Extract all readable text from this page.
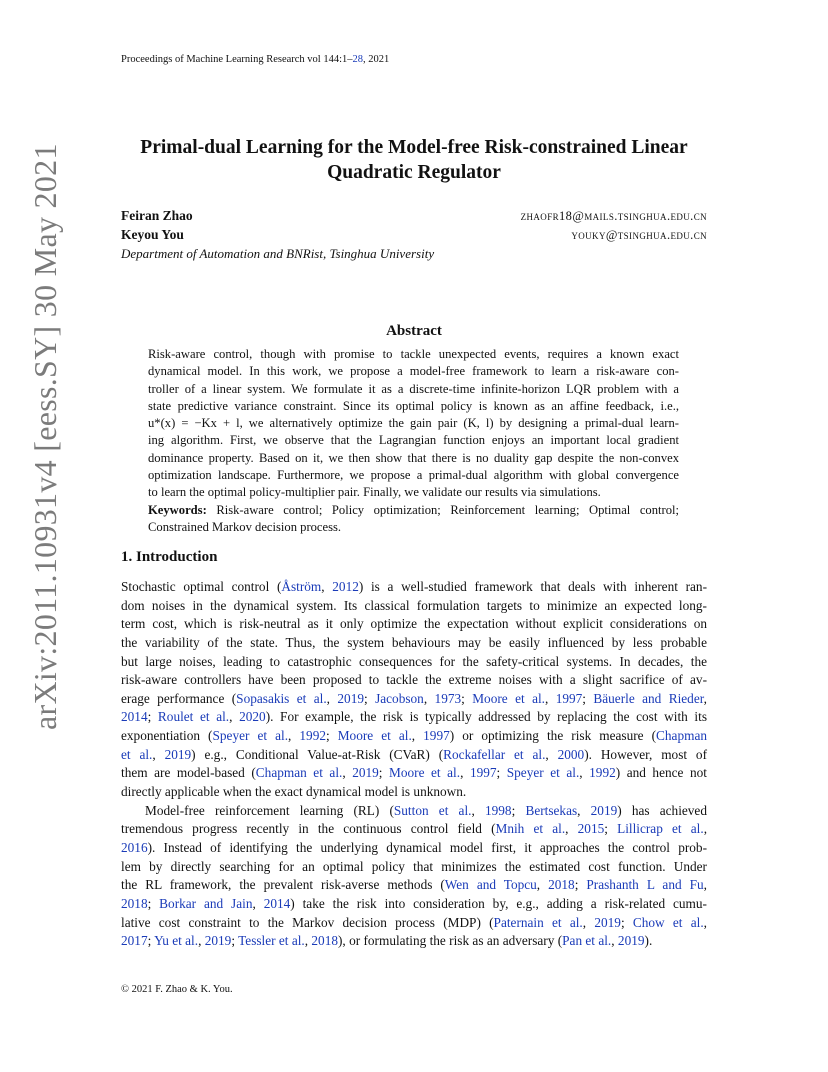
Proceedings of Machine Learning Research vol 144:1–28, 2021
arXiv:2011.10931v4 [eess.SY] 30 May 2021	Primal-dual Learning for the Model-free Risk-constrained Linear
Quadratic Regulator
Feiran Zhao	zhaofr18@mails.tsinghua.edu.cn
Keyou You	youky@tsinghua.edu.cn
Department of Automation and BNRist, Tsinghua University
Abstract
Risk-aware control, though with promise to tackle unexpected events, requires a known exact
dynamical model. In this work, we propose a model-free framework to learn a risk-aware con-
troller of a linear system. We formulate it as a discrete-time infinite-horizon LQR problem with a
state predictive variance constraint. Since its optimal policy is known as an affine feedback, i.e.,
u*(x) = −Kx + l, we alternatively optimize the gain pair (K, l) by designing a primal-dual learn-
ing algorithm. First, we observe that the Lagrangian function enjoys an important local gradient
dominance property. Based on it, we then show that there is no duality gap despite the non-convex
optimization landscape. Furthermore, we propose a primal-dual algorithm with global convergence
to learn the optimal policy-multiplier pair. Finally, we validate our results via simulations.
Keywords: Risk-aware control; Policy optimization; Reinforcement learning; Optimal control;
Constrained Markov decision process.
1. Introduction
Stochastic optimal control (Åström, 2012) is a well-studied framework that deals with inherent ran-
dom noises in the dynamical system. Its classical formulation targets to minimize an expected long-
term cost, which is risk-neutral as it only optimize the expectation without explicit considerations on
the variability of the state. Thus, the system behaviours may be easily influenced by less probable
but large noises, leading to catastrophic consequences for the safety-critical systems. In decades, the
risk-aware controllers have been proposed to tackle the extreme noises with a slight sacrifice of av-
erage performance (Sopasakis et al., 2019; Jacobson, 1973; Moore et al., 1997; Bäuerle and Rieder,
2014; Roulet et al., 2020). For example, the risk is typically addressed by replacing the cost with its
exponentiation (Speyer et al., 1992; Moore et al., 1997) or optimizing the risk measure (Chapman
et al., 2019) e.g., Conditional Value-at-Risk (CVaR) (Rockafellar et al., 2000). However, most of
them are model-based (Chapman et al., 2019; Moore et al., 1997; Speyer et al., 1992) and hence not
directly applicable when the exact dynamical model is unknown.
Model-free reinforcement learning (RL) (Sutton et al., 1998; Bertsekas, 2019) has achieved
tremendous progress recently in the continuous control field (Mnih et al., 2015; Lillicrap et al.,
2016). Instead of identifying the underlying dynamical model first, it approaches the control prob-
lem by directly searching for an optimal policy that minimizes the estimated cost function. Under
the RL framework, the prevalent risk-averse methods (Wen and Topcu, 2018; Prashanth L and Fu,
2018; Borkar and Jain, 2014) take the risk into consideration by, e.g., adding a risk-related cumu-
lative cost constraint to the Markov decision process (MDP) (Paternain et al., 2019; Chow et al.,
2017; Yu et al., 2019; Tessler et al., 2018), or formulating the risk as an adversary (Pan et al., 2019).
© 2021 F. Zhao & K. You.
